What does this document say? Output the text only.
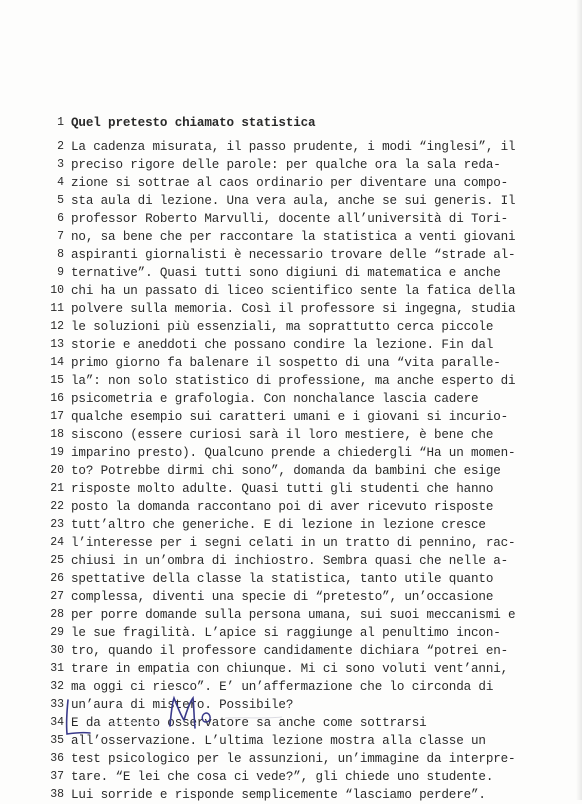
1 Quel pretesto chiamato statistica
2 La cadenza misurata, il passo prudente, i modi “inglesi”, il
3 preciso rigore delle parole: per qualche ora la sala reda-
4 zione si sottrae al caos ordinario per diventare una compo-
5 sta aula di lezione. Una vera aula, anche se sui generis. Il
6 professor Roberto Marvulli, docente all’università di Tori-
7 no, sa bene che per raccontare la statistica a venti giovani
8 aspiranti giornalisti è necessario trovare delle “strade al-
9 ternative”. Quasi tutti sono digiuni di matematica e anche
10 chi ha un passato di liceo scientifico sente la fatica della
11 polvere sulla memoria. Così il professore si ingegna, studia
12 le soluzioni più essenziali, ma soprattutto cerca piccole
13 storie e aneddoti che possano condire la lezione. Fin dal
14 primo giorno fa balenare il sospetto di una “vita paralle-
15 la”: non solo statistico di professione, ma anche esperto di
16 psicometria e grafologia. Con nonchalance lascia cadere
17 qualche esempio sui caratteri umani e i giovani si incurio-
18 siscono (essere curiosi sarà il loro mestiere, è bene che
19 imparino presto). Qualcuno prende a chiedergli “Ha un momen-
20 to? Potrebbe dirmi chi sono”, domanda da bambini che esige
21 risposte molto adulte. Quasi tutti gli studenti che hanno
22 posto la domanda raccontano poi di aver ricevuto risposte
23 tutt’altro che generiche. E di lezione in lezione cresce
24 l’interesse per i segni celati in un tratto di pennino, rac-
25 chiusi in un’ombra di inchiostro. Sembra quasi che nelle a-
26 spettative della classe la statistica, tanto utile quanto
27 complessa, diventi una specie di “pretesto”, un’occasione
28 per porre domande sulla persona umana, sui suoi meccanismi e
29 le sue fragilità. L’apice si raggiunge al penultimo incon-
30 tro, quando il professore candidamente dichiara “potrei en-
31 trare in empatia con chiunque. Mi ci sono voluti vent’anni,
32 ma oggi ci riesco”. E’ un’affermazione che lo circonda di
33 un’aura di mistero. Possibile?
34 E da attento osservatore sa anche come sottrarsi
35 all’osservazione. L’ultima lezione mostra alla classe un
36 test psicologico per le assunzioni, un’immagine da interpre-
37 tare. “E lei che cosa ci vede?”, gli chiede uno studente.
38 Lui sorride e risponde semplicemente “lasciamo perdere”.
